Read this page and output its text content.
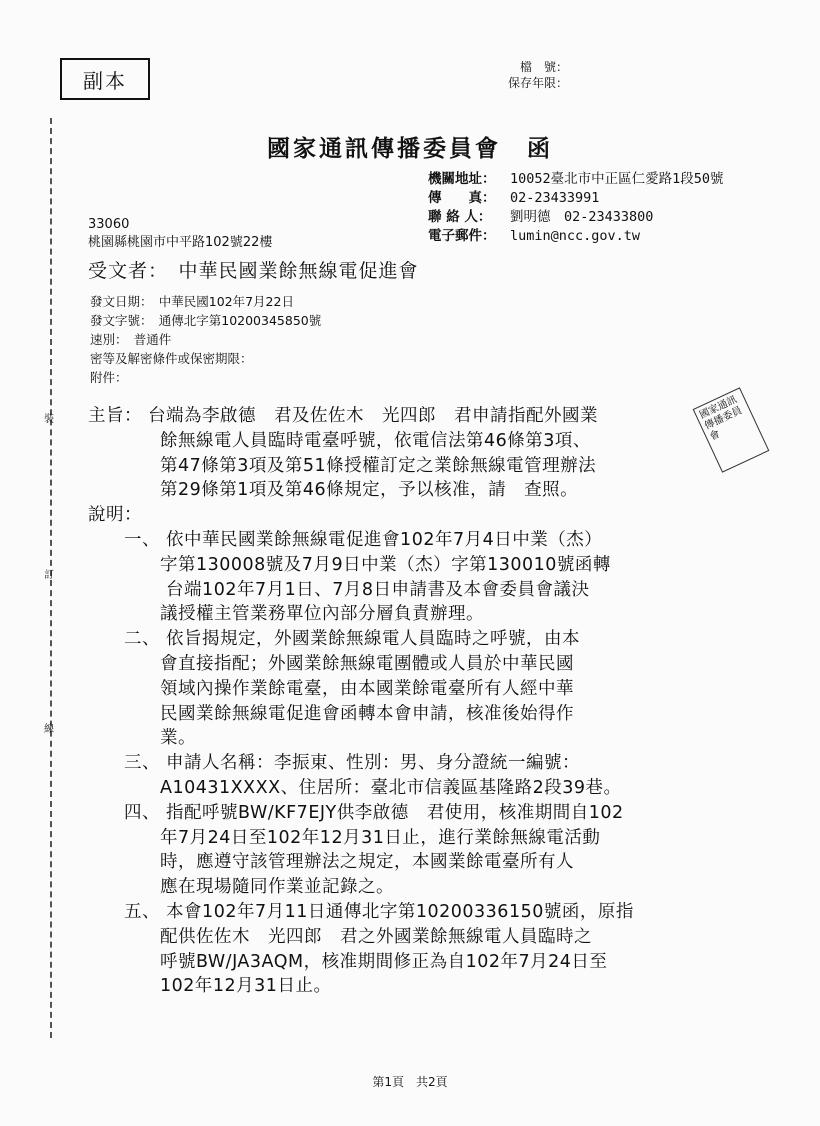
副本
檔　號：
保存年限：
裝
訂
線
國家通訊傳播委員會　函
機關地址：	10052臺北市中正區仁愛路1段50號
傳　　真：	02-23433991
聯 絡 人：	劉明德　02-23433800
電子郵件：	lumin@ncc.gov.tw
33060
桃園縣桃園市中平路102號22樓
受文者：　中華民國業餘無線電促進會
發文日期：　中華民國102年7月22日
發文字號：　通傳北字第10200345850號
速別：　普通件
密等及解密條件或保密期限：
附件：
國家通訊傳播委員會
主旨： 台端為李啟德　君及佐佐木　光四郎　君申請指配外國業
　　　　餘無線電人員臨時電臺呼號，依電信法第46條第3項、
　　　　第47條第3項及第51條授權訂定之業餘無線電管理辦法
　　　　第29條第1項及第46條規定，予以核准，請　查照。
說明：
　　一、 依中華民國業餘無線電促進會102年7月4日中業（杰）
　　　　字第130008號及7月9日中業（杰）字第130010號函轉
　　　　 台端102年7月1日、7月8日申請書及本會委員會議決
　　　　議授權主管業務單位內部分層負責辦理。
　　二、 依旨揭規定，外國業餘無線電人員臨時之呼號，由本
　　　　會直接指配；外國業餘無線電團體或人員於中華民國
　　　　領域內操作業餘電臺，由本國業餘電臺所有人經中華
　　　　民國業餘無線電促進會函轉本會申請，核准後始得作
　　　　業。
　　三、 申請人名稱：李振東、性別：男、身分證統一編號：
　　　　A10431XXXX、住居所：臺北市信義區基隆路2段39巷。
　　四、 指配呼號BW/KF7EJY供李啟德　君使用，核准期間自102
　　　　年7月24日至102年12月31日止，進行業餘無線電活動
　　　　時，應遵守該管理辦法之規定，本國業餘電臺所有人
　　　　應在現場隨同作業並記錄之。
　　五、 本會102年7月11日通傳北字第10200336150號函，原指
　　　　配供佐佐木　光四郎　君之外國業餘無線電人員臨時之
　　　　呼號BW/JA3AQM，核准期間修正為自102年7月24日至
　　　　102年12月31日止。
第1頁　共2頁
